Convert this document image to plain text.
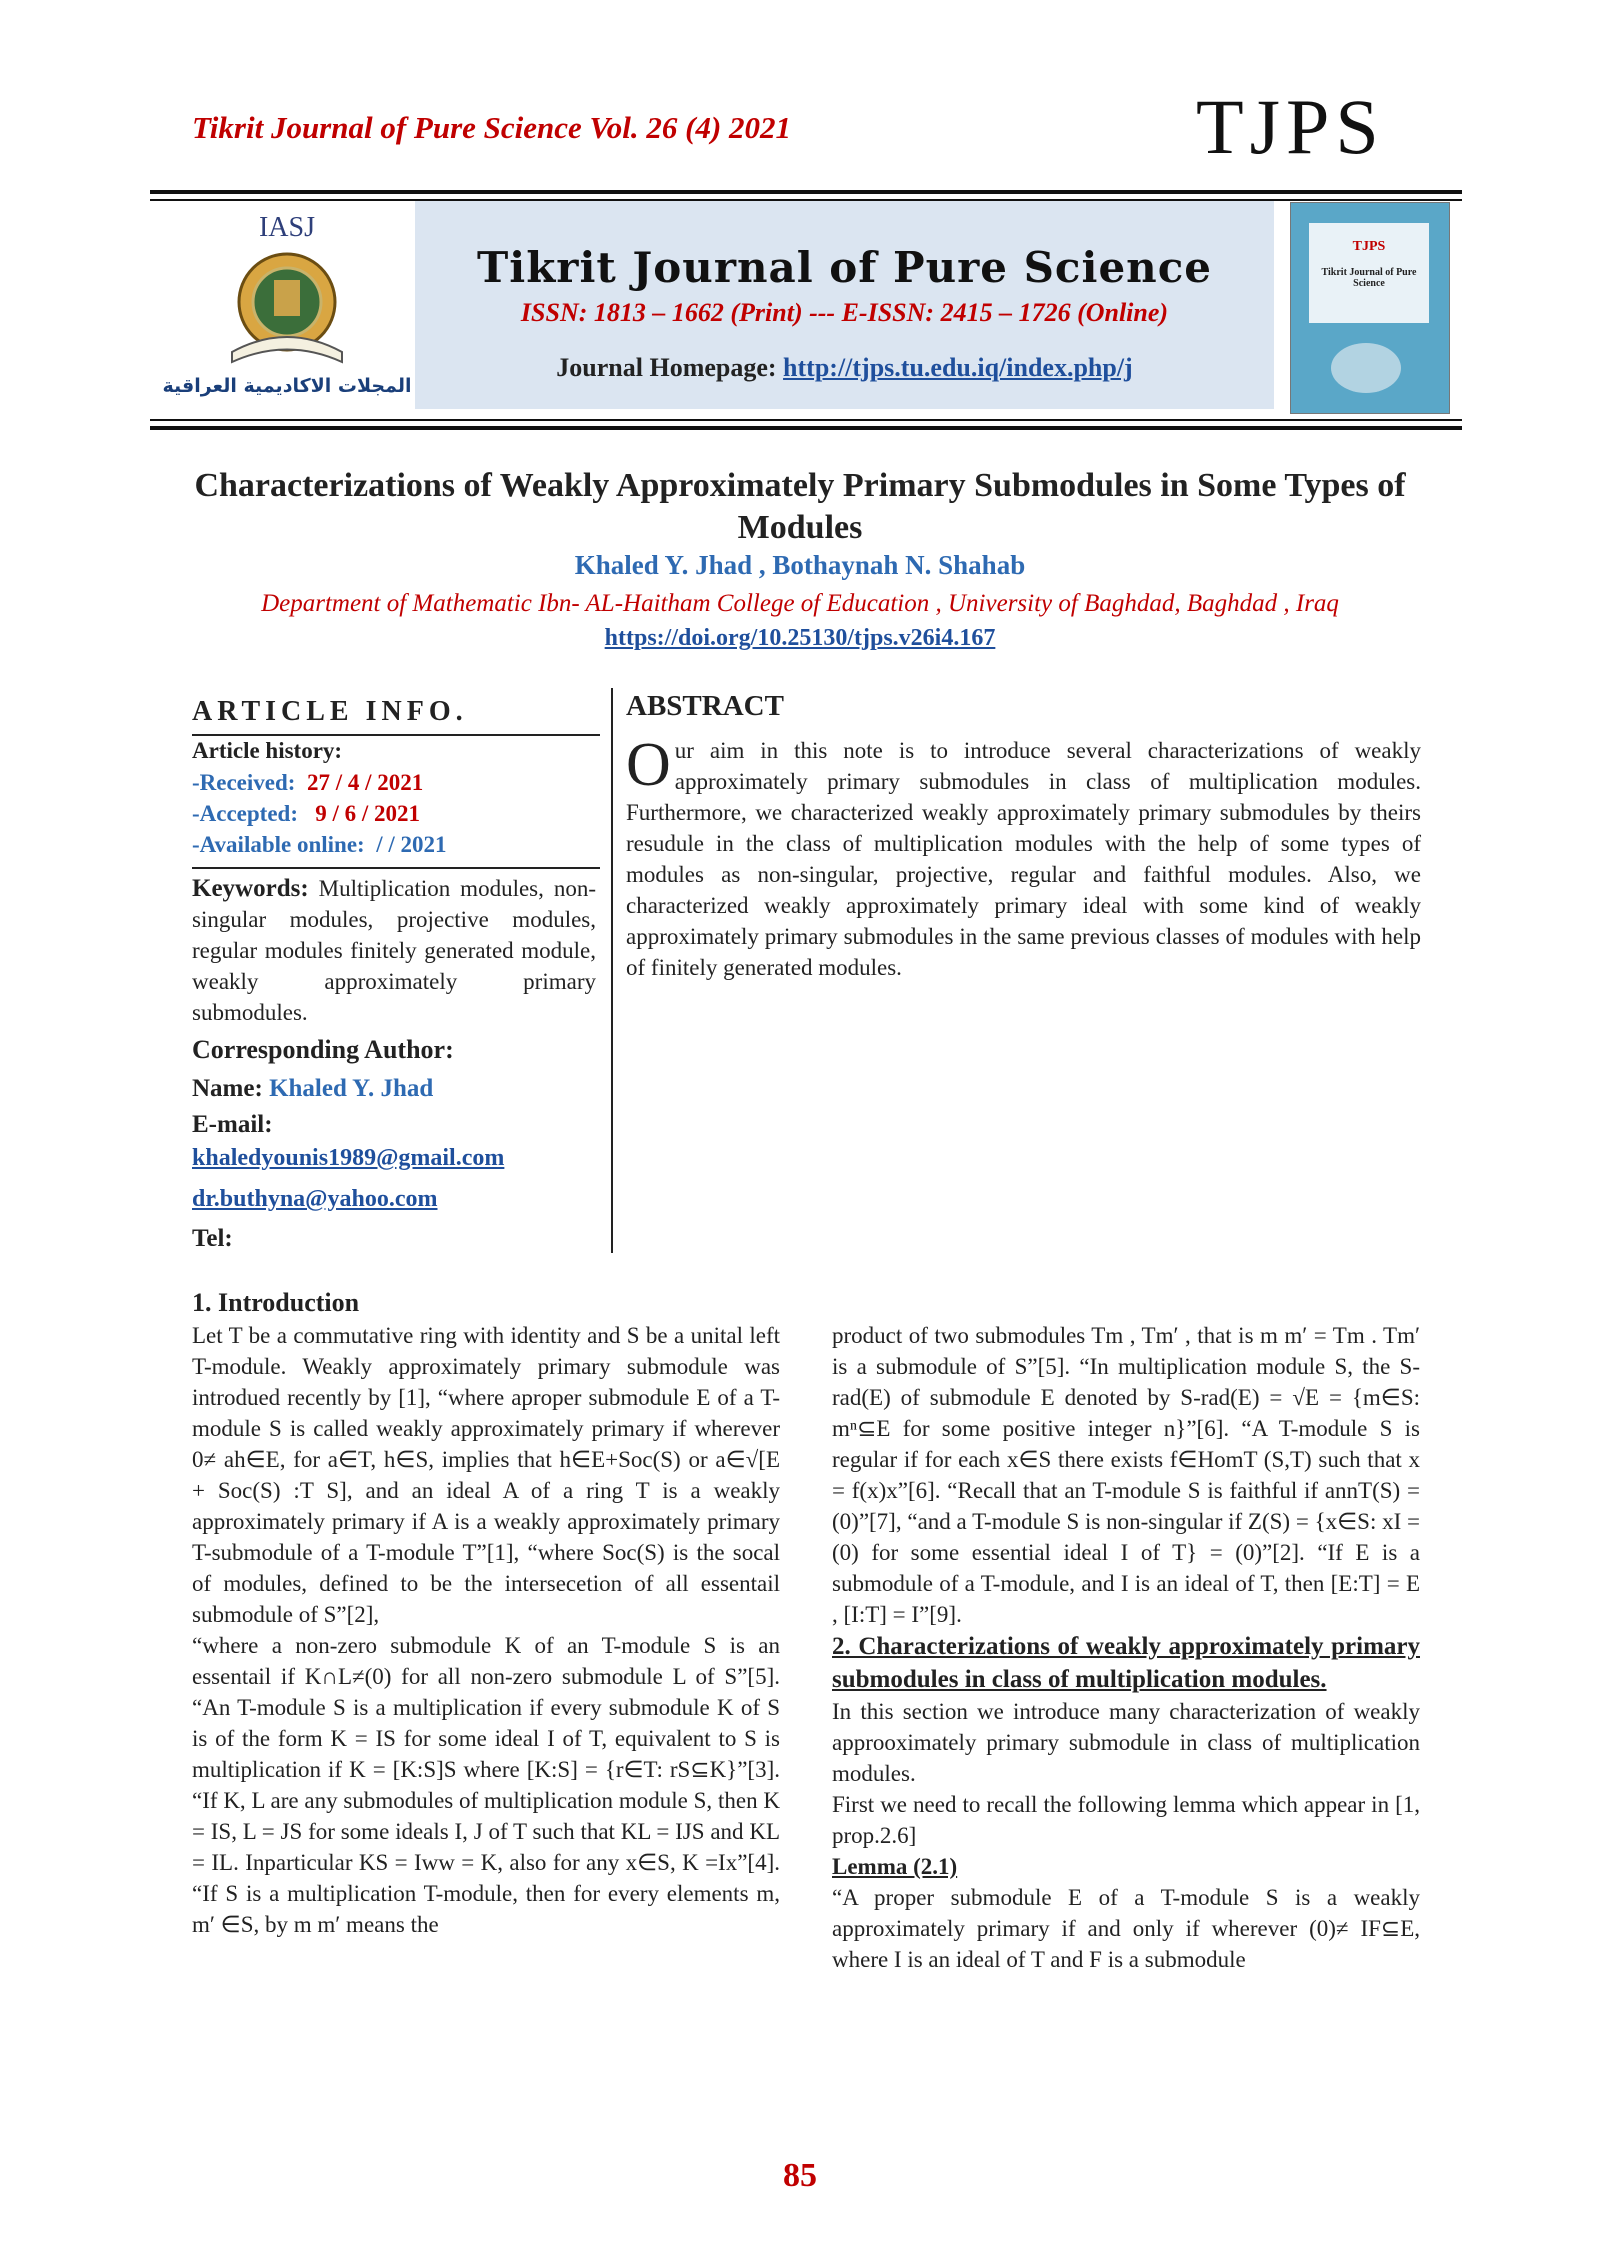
Tikrit Journal of Pure Science Vol. 26 (4) 2021	TJPS
IASJ
المجلات الاكاديمية العراقية
Tikrit Journal of Pure Science
ISSN: 1813 – 1662 (Print) --- E-ISSN: 2415 – 1726 (Online)
Journal Homepage: http://tjps.tu.edu.iq/index.php/j
TJPS
Tikrit Journal of Pure Science
Characterizations of Weakly Approximately Primary Submodules in Some Types of Modules
Khaled Y. Jhad , Bothaynah N. Shahab
Department of Mathematic Ibn- AL-Haitham College of Education , University of Baghdad, Baghdad , Iraq
https://doi.org/10.25130/tjps.v26i4.167
ARTICLE INFO.
Article history:
-Received: 27 / 4 / 2021
-Accepted: 9 / 6 / 2021
-Available online:  / / 2021
Keywords: Multiplication modules, non-singular modules, projective modules, regular modules finitely generated module, weakly approximately primary submodules.
Corresponding Author:
Name: Khaled Y. Jhad
E-mail:
khaledyounis1989@gmail.com
dr.buthyna@yahoo.com
Tel:
ABSTRACT
Our aim in this note is to introduce several characterizations of weakly approximately primary submodules in class of multiplication modules. Furthermore, we characterized weakly approximately primary submodules by theirs resudule in the class of multiplication modules with the help of some types of modules as non-singular, projective, regular and faithful modules. Also, we characterized weakly approximately primary ideal with some kind of weakly approximately primary submodules in the same previous classes of modules with help of finitely generated modules.
1. Introduction

Let T be a commutative ring with identity and S be a unital left T-module. Weakly approximately primary submodule was introdued recently by [1], “where aproper submodule E of a T-module S is called weakly approximately primary if wherever 0≠ ah∈E, for a∈T, h∈S, implies that h∈E+Soc(S) or a∈√[E + Soc(S) :T S], and an ideal A of a ring T is a weakly approximately primary if A is a weakly approximately primary T-submodule of a T-module T”[1], “where Soc(S) is the socal of modules, defined to be the intersecetion of all essentail submodule of S”[2],

“where a non-zero submodule K of an T-module S is an essentail if K∩L≠(0) for all non-zero submodule L of S”[5]. “An T-module S is a multiplication if every submodule K of S is of the form K = IS for some ideal I of T, equivalent to S is multiplication if K = [K:S]S where [K:S] = {r∈T: rS⊆K}”[3]. “If K, L are any submodules of multiplication module S, then K = IS, L = JS for some ideals I, J of T such that KL = IJS and KL = IL. Inparticular KS = Iww = K, also for any x∈S, K =Ix”[4]. “If S is a multiplication T-module, then for every elements m, m′ ∈S, by m m′ means the

product of two submodules Tm , Tm′ , that is m m′ = Tm . Tm′ is a submodule of S”[5]. “In multiplication module S, the S-rad(E) of submodule E denoted by S-rad(E) = √E = {m∈S: mⁿ⊆E for some positive integer n}”[6]. “A T-module S is regular if for each x∈S there exists f∈HomT (S,T) such that x = f(x)x”[6]. “Recall that an T-module S is faithful if annT(S) = (0)”[7], “and a T-module S is non-singular if Z(S) = {x∈S: xI = (0) for some essential ideal I of T} = (0)”[2]. “If E is a submodule of a T-module, and I is an ideal of T, then [E:T] = E , [I:T] = I”[9].

2. Characterizations of weakly approximately primary submodules in class of multiplication modules.

In this section we introduce many characterization of weakly approoximately primary submodule in class of multiplication modules.

First we need to recall the following lemma which appear in [1, prop.2.6]

Lemma (2.1)

“A proper submodule E of a T-module S is a weakly approximately primary if and only if wherever (0)≠ IF⊆E, where I is an ideal of T and F is a submodule

85
